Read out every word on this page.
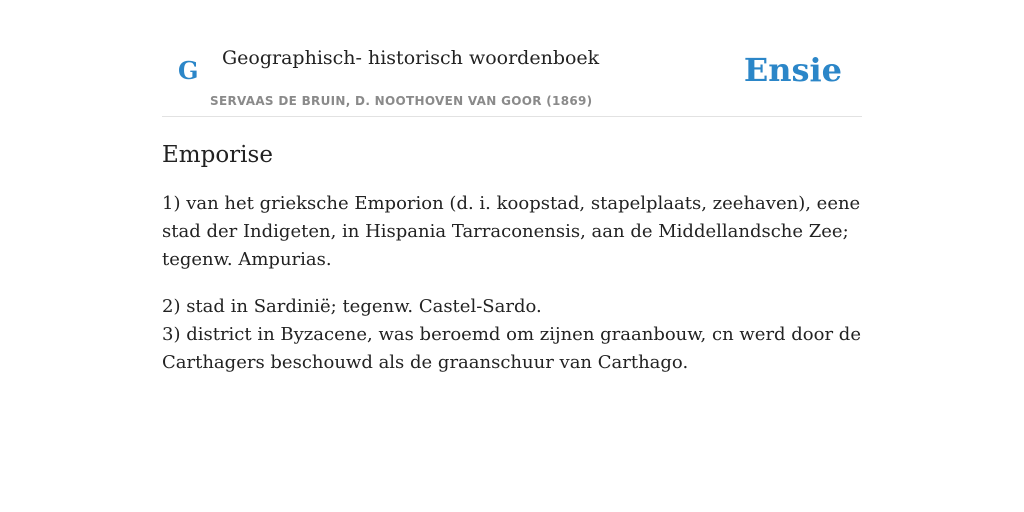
G Geographisch- historisch woordenboek
SERVAAS DE BRUIN, D. NOOTHOVEN VAN GOOR (1869)
Ensie
Emporise

1) van het grieksche Emporion (d. i. koopstad, stapelplaats, zeehaven), eene stad der Indigeten, in Hispania Tarraconensis, aan de Middellandsche Zee; tegenw. Ampurias.

2) stad in Sardinië; tegenw. Castel-Sardo.
3) district in Byzacene, was beroemd om zijnen graanbouw, cn werd door de Carthagers beschouwd als de graanschuur van Carthago.
